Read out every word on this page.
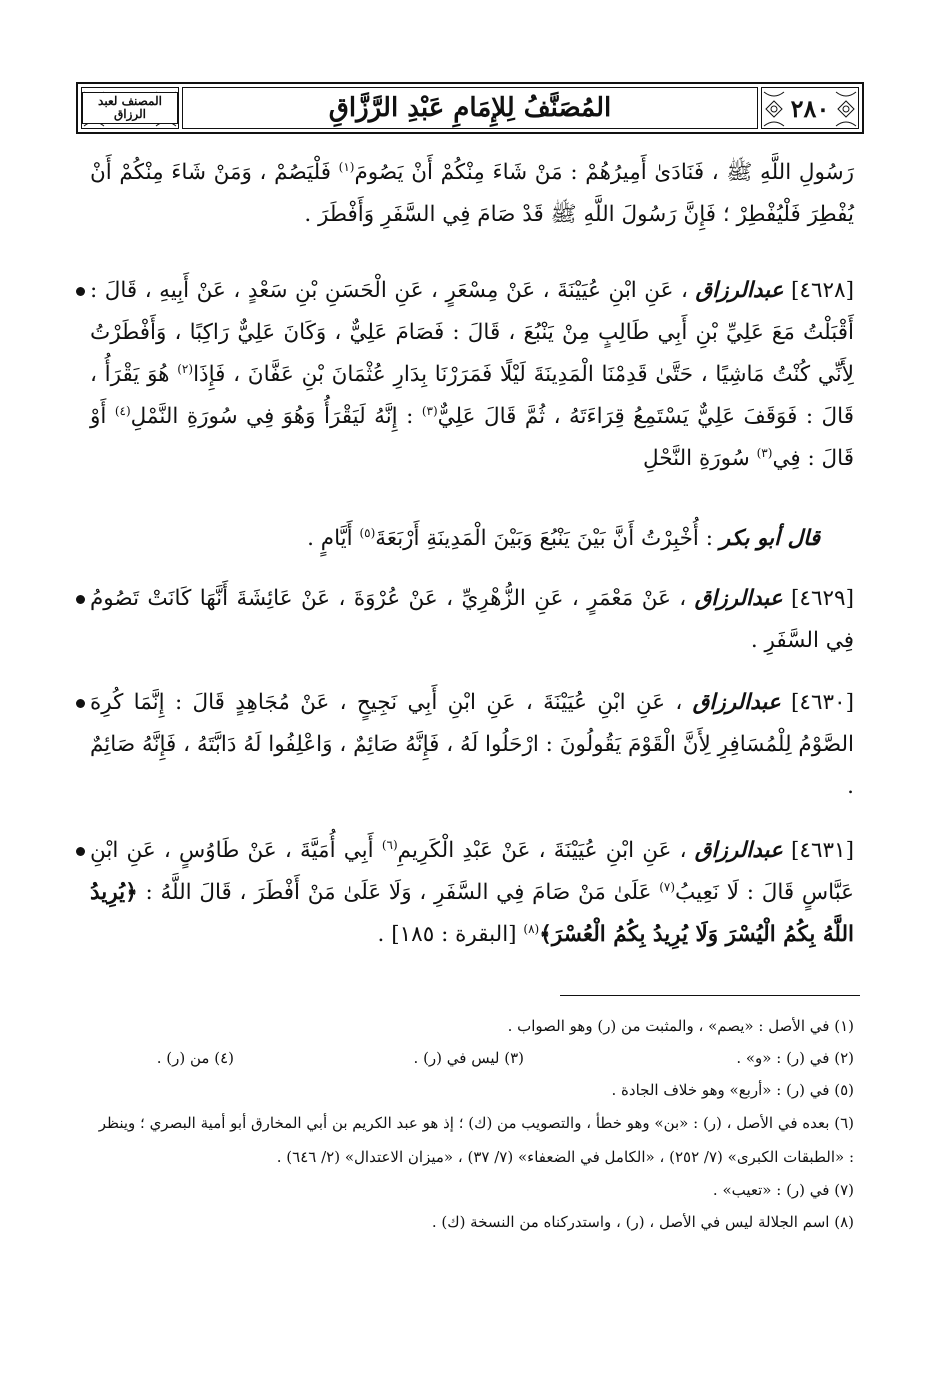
المصنف لعبد الرزاق	المُصَنَّفُ لِلإِمَامِ عَبْدِ الرَّزَّاقِ	٢٨٠

رَسُولِ اللَّهِ ﷺ ، فَنَادَىٰ أَمِيرُهُمْ : مَنْ شَاءَ مِنْكُمْ أَنْ يَصُومَ$^{(١)}$ فَلْيَصُمْ ، وَمَنْ شَاءَ مِنْكُمْ أَنْ يُفْطِرَ فَلْيُفْطِرْ ؛ فَإِنَّ رَسُولَ اللَّهِ ﷺ قَدْ صَامَ فِي السَّفَرِ وَأَفْطَرَ .

[٤٦٢٨] عبدالرزاق ، عَنِ ابْنِ عُيَيْنَةَ ، عَنْ مِسْعَرٍ ، عَنِ الْحَسَنِ بْنِ سَعْدٍ ، عَنْ أَبِيهِ ، قَالَ : أَقْبَلْتُ مَعَ عَلِيِّ بْنِ أَبِي طَالِبٍ مِنْ يَنْبُعَ ، قَالَ : فَصَامَ عَلِيٌّ ، وَكَانَ عَلِيٌّ رَاكِبًا ، وَأَفْطَرْتُ لِأَنِّي كُنْتُ مَاشِيًا ، حَتَّىٰ قَدِمْنَا الْمَدِينَةَ لَيْلًا فَمَرَرْنَا بِدَارِ عُثْمَانَ بْنِ عَفَّانَ ، فَإِذَا$^{(٢)}$ هُوَ يَقْرَأُ ، قَالَ : فَوَقَفَ عَلِيٌّ يَسْتَمِعُ قِرَاءَتَهُ ، ثُمَّ قَالَ عَلِيٌّ$^{(٣)}$ : إِنَّهُ لَيَقْرَأُ وَهُوَ فِي سُورَةِ النَّمْلِ$^{(٤)}$ أَوْ قَالَ : فِي$^{(٣)}$ سُورَةِ النَّحْلِ

قال أبو بكر : أُخْبِرْتُ أَنَّ بَيْنَ يَنْبُعَ وَبَيْنَ الْمَدِينَةِ أَرْبَعَةَ$^{(٥)}$ أَيَّامٍ .
[٤٦٢٩] عبدالرزاق ، عَنْ مَعْمَرٍ ، عَنِ الزُّهْرِيِّ ، عَنْ عُرْوَةَ ، عَنْ عَائِشَةَ أَنَّهَا كَانَتْ تَصُومُ فِي السَّفَرِ .
[٤٦٣٠] عبدالرزاق ، عَنِ ابْنِ عُيَيْنَةَ ، عَنِ ابْنِ أَبِي نَجِيحٍ ، عَنْ مُجَاهِدٍ قَالَ : إِنَّمَا كُرِهَ الصَّوْمُ لِلْمُسَافِرِ لِأَنَّ الْقَوْمَ يَقُولُونَ : ارْحَلُوا لَهُ ، فَإِنَّهُ صَائِمٌ ، وَاعْلِفُوا لَهُ دَابَّتَهُ ، فَإِنَّهُ صَائِمٌ .
[٤٦٣١] عبدالرزاق ، عَنِ ابْنِ عُيَيْنَةَ ، عَنْ عَبْدِ الْكَرِيمِ$^{(٦)}$ أَبِي أُمَيَّةَ ، عَنْ طَاوُسٍ ، عَنِ ابْنِ عَبَّاسٍ قَالَ : لَا نَعِيبُ$^{(٧)}$ عَلَىٰ مَنْ صَامَ فِي السَّفَرِ ، وَلَا عَلَىٰ مَنْ أَفْطَرَ ، قَالَ اللَّهُ : ﴿يُرِيدُ اللَّهُ بِكُمُ الْيُسْرَ وَلَا يُرِيدُ بِكُمُ الْعُسْرَ﴾$^{(٨)}$ [البقرة : ١٨٥] .

(١) في الأصل : «يصم» ، والمثبت من (ر) وهو الصواب .

(٢) في (ر) : «و» .
(٣) ليس في (ر) .
(٤) من (ر) .

(٥) في (ر) : «أربع» وهو خلاف الجادة .

(٦) بعده في الأصل ، (ر) : «بن» وهو خطأ ، والتصويب من (ك) ؛ إذ هو عبد الكريم بن أبي المخارق أبو أمية البصري ؛ وينظر : «الطبقات الكبرى» (٧/ ٢٥٢) ، «الكامل في الضعفاء» (٧/ ٣٧) ، «ميزان الاعتدال» (٢/ ٦٤٦) .

(٧) في (ر) : «تعيب» .

(٨) اسم الجلالة ليس في الأصل ، (ر) ، واستدركناه من النسخة (ك) .
